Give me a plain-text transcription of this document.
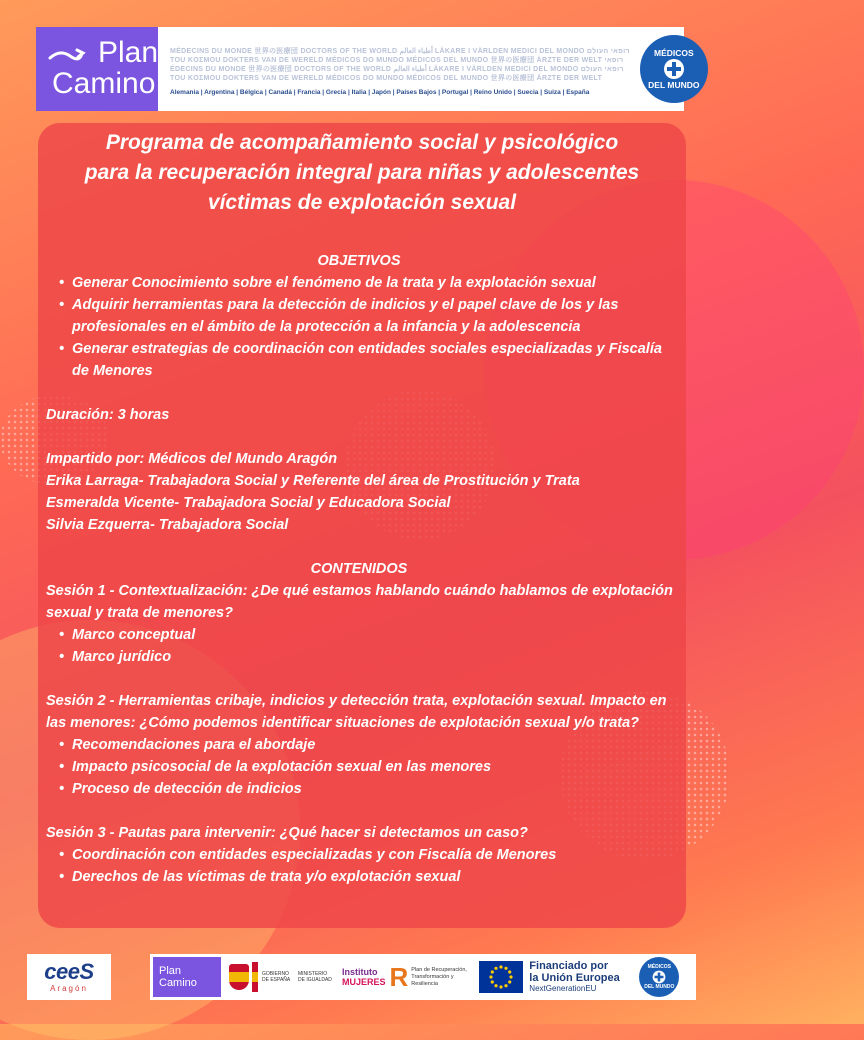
Plan
Camino
MÉDECINS DU MONDE 世界の医療団 DOCTORS OF THE WORLD أطباء العالم LÄKARE I VÄRLDEN MEDICI DEL MONDO רופאי העולם
TOU KOΣMOU DOKTERS VAN DE WERELD MÉDICOS DO MUNDO MÉDICOS DEL MUNDO 世界の医療団 ÄRZTE DER WELT רופאי
ÉDECINS DU MONDE 世界の医療団 DOCTORS OF THE WORLD أطباء العالم LÄKARE I VÄRLDEN MEDICI DEL MONDO רופאי העולם
TOU KOΣMOU DOKTERS VAN DE WERELD MÉDICOS DO MUNDO MÉDICOS DEL MUNDO 世界の医療団 ÄRZTE DER WELT
Alemania | Argentina | Bélgica | Canadá | Francia | Grecia | Italia | Japón | Países Bajos | Portugal | Reino Unido | Suecia | Suiza | España
MÉDICOS
DEL MUNDO
Programa de acompañamiento social y psicológico
para la recuperación integral para niñas y adolescentes
víctimas de explotación sexual

OBJETIVOS

• Generar Conocimiento sobre el fenómeno de la trata y la explotación sexual
• Adquirir herramientas para la detección de indicios y el papel clave de los y las profesionales en el ámbito de la protección a la infancia y la adolescencia
• Generar estrategias de coordinación con entidades sociales especializadas y Fiscalía de Menores

Duración: 3 horas

Impartido por: Médicos del Mundo Aragón

Erika Larraga- Trabajadora Social y Referente del área de Prostitución y Trata

Esmeralda Vicente- Trabajadora Social y Educadora Social

Silvia Ezquerra- Trabajadora Social

CONTENIDOS

Sesión 1 - Contextualización: ¿De qué estamos hablando cuándo hablamos de explotación sexual y trata de menores?

• Marco conceptual
• Marco jurídico

Sesión 2 - Herramientas cribaje, indicios y detección trata, explotación sexual. Impacto en las menores: ¿Cómo podemos identificar situaciones de explotación sexual y/o trata?

• Recomendaciones para el abordaje
• Impacto psicosocial de la explotación sexual en las menores
• Proceso de detección de indicios

Sesión 3 - Pautas para intervenir: ¿Qué hacer si detectamos un caso?

• Coordinación con entidades especializadas y con Fiscalía de Menores
• Derechos de las víctimas de trata y/o explotación sexual
ceeS
Aragón
Plan
Camino
GOBIERNO DE ESPAÑA
MINISTERIO DE IGUALDAD
Instituto
MUJERES R Plan de Recuperación, Transformación y Resiliencia
Financiado por
la Unión Europea
NextGenerationEU
MÉDICOS
DEL MUNDO
